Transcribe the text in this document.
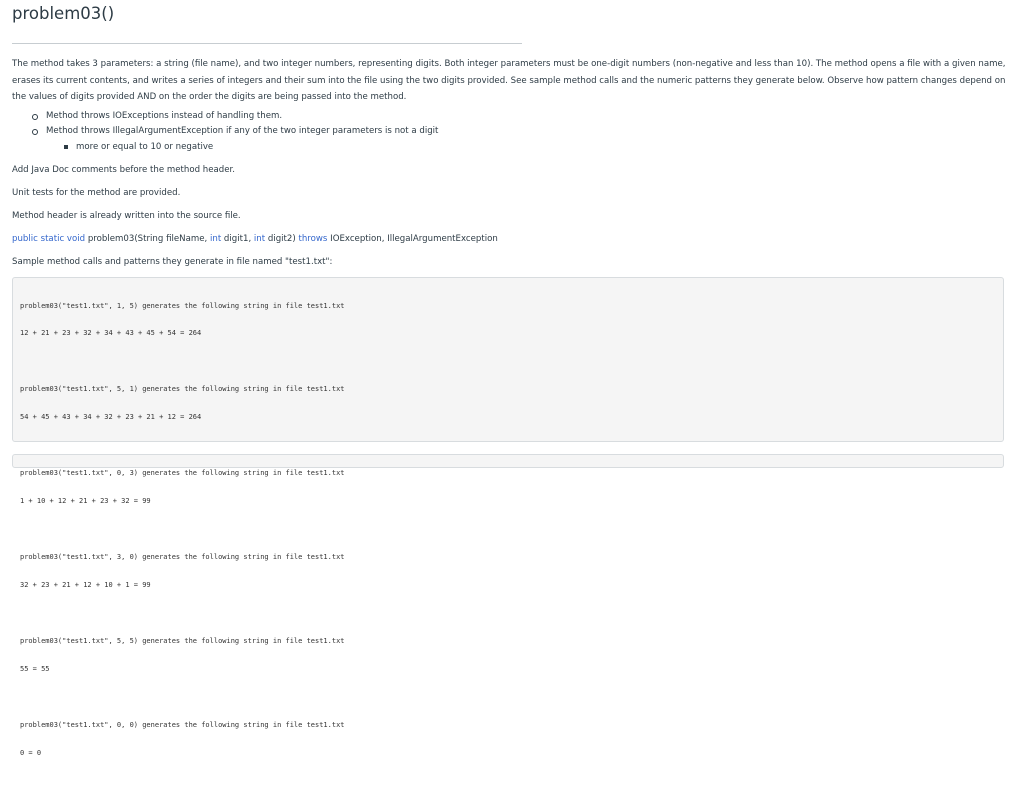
problem03()

The method takes 3 parameters: a string (file name), and two integer numbers, representing digits. Both integer parameters must be one-digit numbers (non-negative and less than 10). The method opens a file with a given name, erases its current contents, and writes a series of integers and their sum into the file using the two digits provided. See sample method calls and the numeric patterns they generate below. Observe how pattern changes depend on the values of digits provided AND on the order the digits are being passed into the method.

Method throws IOExceptions instead of handling them.
Method throws IllegalArgumentException if any of the two integer parameters is not a digit
more or equal to 10 or negative

Add Java Doc comments before the method header.

Unit tests for the method are provided.

Method header is already written into the source file.

public static void problem03(String fileName, int digit1, int digit2) throws IOException, IllegalArgumentException

Sample method calls and patterns they generate in file named "test1.txt":

problem03("test1.txt", 1, 5) generates the following string in file test1.txt

12 + 21 + 23 + 32 + 34 + 43 + 45 + 54 = 264

problem03("test1.txt", 5, 1) generates the following string in file test1.txt

54 + 45 + 43 + 34 + 32 + 23 + 21 + 12 = 264

problem03("test1.txt", 0, 3) generates the following string in file test1.txt

1 + 10 + 12 + 21 + 23 + 32 = 99

problem03("test1.txt", 3, 0) generates the following string in file test1.txt

32 + 23 + 21 + 12 + 10 + 1 = 99

problem03("test1.txt", 5, 5) generates the following string in file test1.txt

55 = 55

problem03("test1.txt", 0, 0) generates the following string in file test1.txt

0 = 0
